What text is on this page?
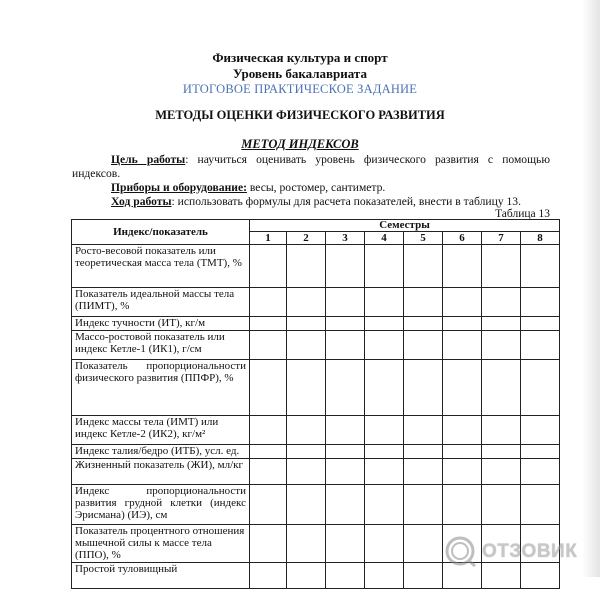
Физическая культура и спорт
Уровень бакалавриата
ИТОГОВОЕ ПРАКТИЧЕСКОЕ ЗАДАНИЕ
МЕТОДЫ ОЦЕНКИ ФИЗИЧЕСКОГО РАЗВИТИЯ
МЕТОД ИНДЕКСОВ
Цель работы: научиться оценивать уровень физического развития с помощью индексов.
Приборы и оборудование: весы, ростомер, сантиметр.
Ход работы: использовать формулы для расчета показателей, внести в таблицу 13.
Таблица 13
Индекс/показатель	Семестры							
	1	2	3	4	5	6	7	8
Росто-весовой показатель или теоретическая масса тела (ТМТ), %								
Показатель идеальной массы тела (ПИМТ), %								
Индекс тучности (ИТ), кг/м								
Массо-ростовой показатель или индекс Кетле-1 (ИК1), г/см								
Показатель пропорциональности физического развития (ППФР), %								
Индекс массы тела (ИМТ) или индекс Кетле-2 (ИК2), кг/м²								
Индекс талия/бедро (ИТБ), усл. ед.								
Жизненный показатель (ЖИ), мл/кг								
Индекс пропорциональности развития грудной клетки (индекс Эрисмана) (ИЭ), см								
Показатель процентного отношения мышечной силы к массе тела (ППО), %								
Простой туловищный								
ОТЗОВИК
